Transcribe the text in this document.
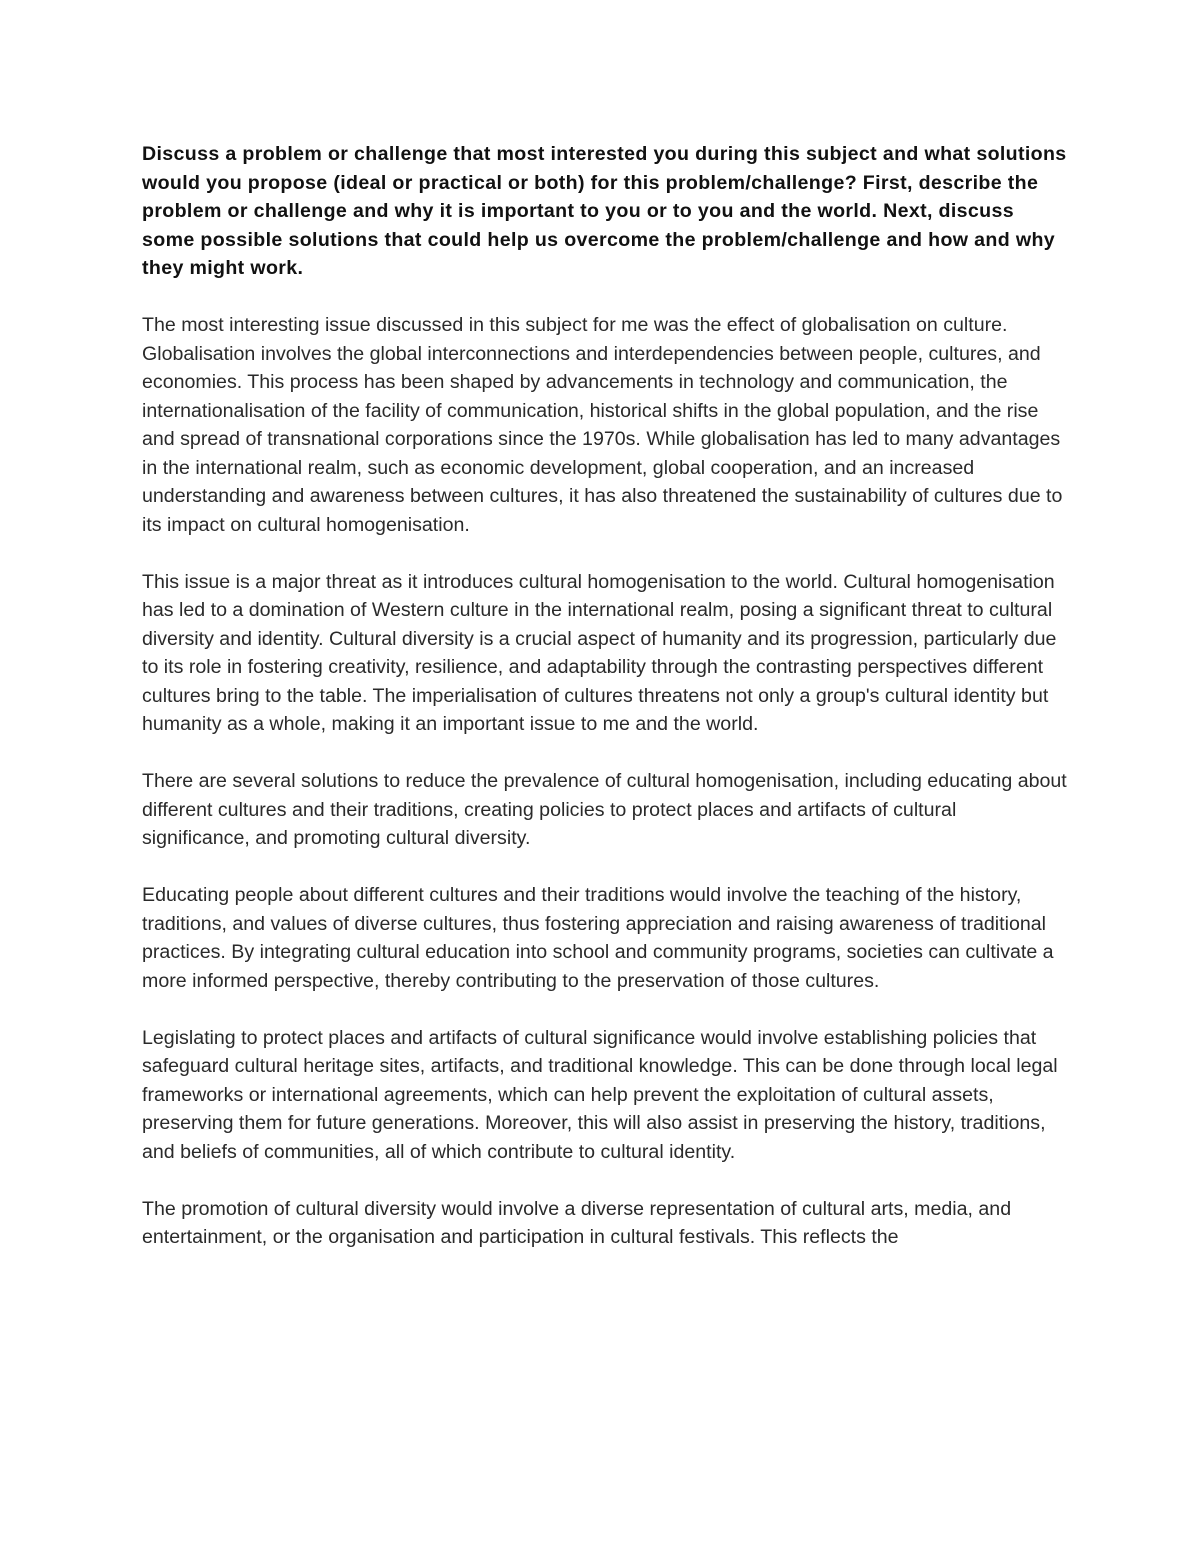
Discuss a problem or challenge that most interested you during this subject and what solutions would you propose (ideal or practical or both) for this problem/challenge? First, describe the problem or challenge and why it is important to you or to you and the world. Next, discuss some possible solutions that could help us overcome the problem/challenge and how and why they might work.

The most interesting issue discussed in this subject for me was the effect of globalisation on culture. Globalisation involves the global interconnections and interdependencies between people, cultures, and economies. This process has been shaped by advancements in technology and communication, the internationalisation of the facility of communication, historical shifts in the global population, and the rise and spread of transnational corporations since the 1970s. While globalisation has led to many advantages in the international realm, such as economic development, global cooperation, and an increased understanding and awareness between cultures, it has also threatened the sustainability of cultures due to its impact on cultural homogenisation.

This issue is a major threat as it introduces cultural homogenisation to the world. Cultural homogenisation has led to a domination of Western culture in the international realm, posing a significant threat to cultural diversity and identity. Cultural diversity is a crucial aspect of humanity and its progression, particularly due to its role in fostering creativity, resilience, and adaptability through the contrasting perspectives different cultures bring to the table. The imperialisation of cultures threatens not only a group's cultural identity but humanity as a whole, making it an important issue to me and the world.

There are several solutions to reduce the prevalence of cultural homogenisation, including educating about different cultures and their traditions, creating policies to protect places and artifacts of cultural significance, and promoting cultural diversity.

Educating people about different cultures and their traditions would involve the teaching of the history, traditions, and values of diverse cultures, thus fostering appreciation and raising awareness of traditional practices. By integrating cultural education into school and community programs, societies can cultivate a more informed perspective, thereby contributing to the preservation of those cultures.

Legislating to protect places and artifacts of cultural significance would involve establishing policies that safeguard cultural heritage sites, artifacts, and traditional knowledge. This can be done through local legal frameworks or international agreements, which can help prevent the exploitation of cultural assets, preserving them for future generations. Moreover, this will also assist in preserving the history, traditions, and beliefs of communities, all of which contribute to cultural identity.

The promotion of cultural diversity would involve a diverse representation of cultural arts, media, and entertainment, or the organisation and participation in cultural festivals. This reflects the
